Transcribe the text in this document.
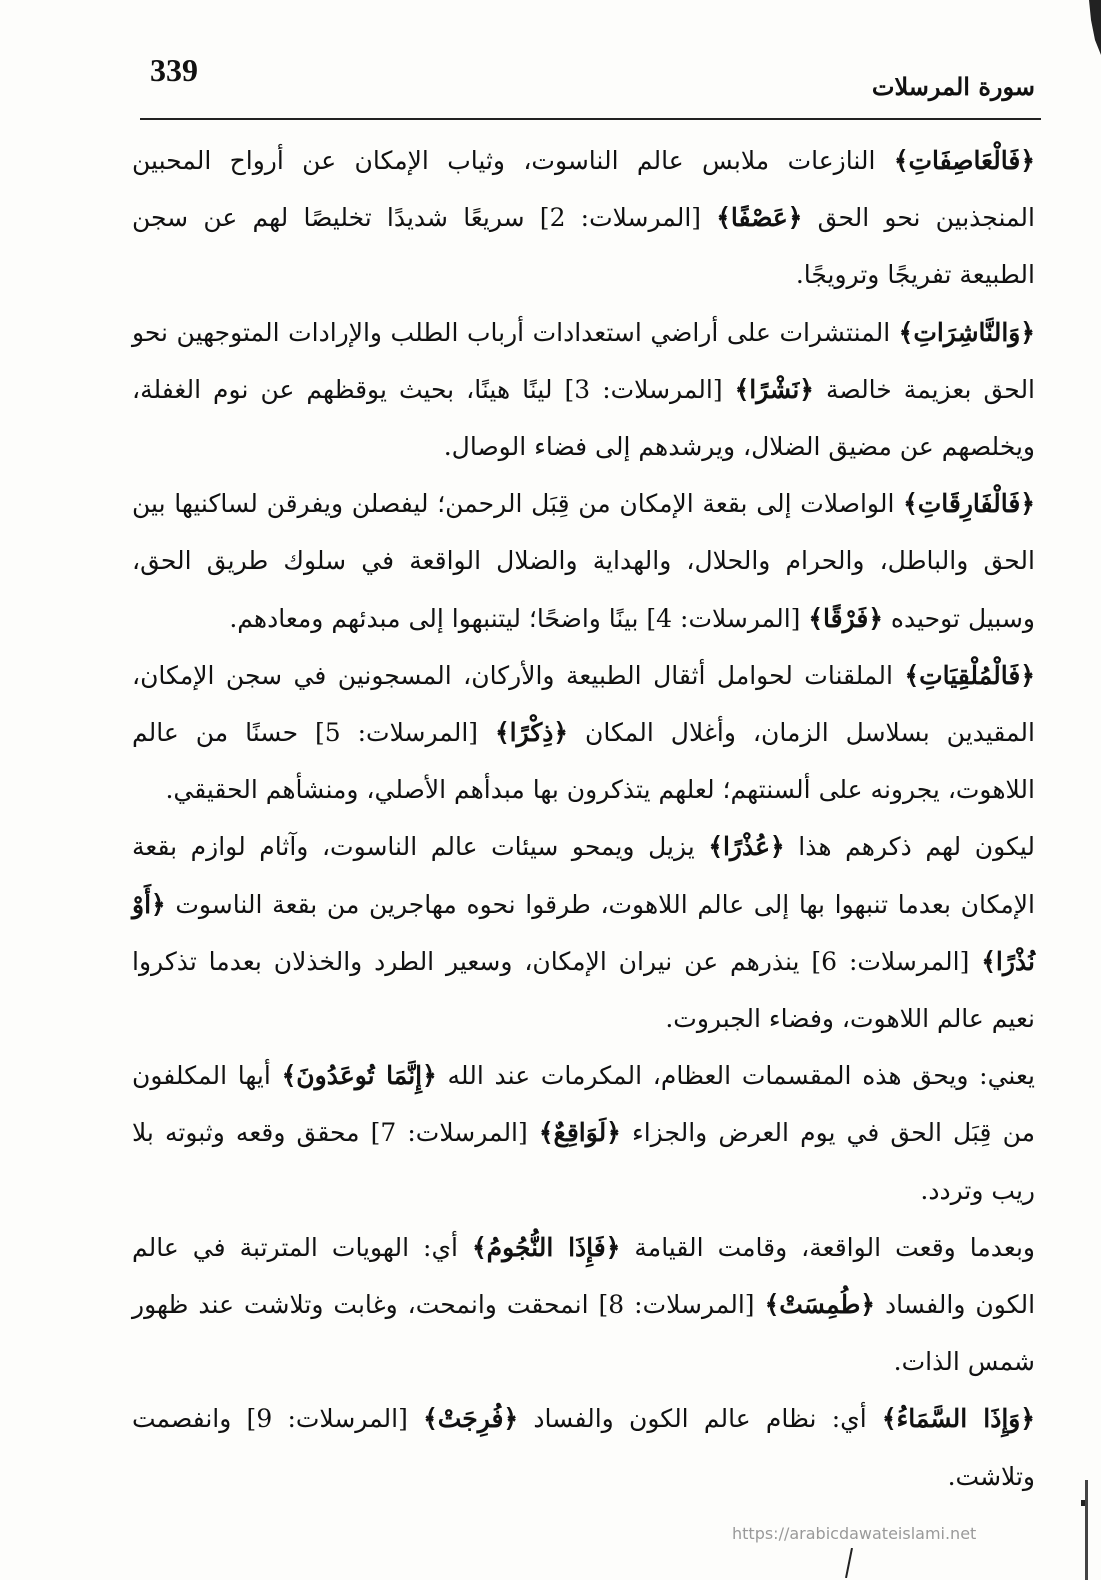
339	سورة المرسلات

﴿فَالْعَاصِفَاتِ﴾ النازعات ملابس عالم الناسوت، وثياب الإمكان عن أرواح المحبين المنجذبين نحو الحق ﴿عَصْفًا﴾ [المرسلات: 2] سريعًا شديدًا تخليصًا لهم عن سجن الطبيعة تفريجًا وترويجًا.

﴿وَالنَّاشِرَاتِ﴾ المنتشرات على أراضي استعدادات أرباب الطلب والإرادات المتوجهين نحو الحق بعزيمة خالصة ﴿نَشْرًا﴾ [المرسلات: 3] لينًا هينًا، بحيث يوقظهم عن نوم الغفلة، ويخلصهم عن مضيق الضلال، ويرشدهم إلى فضاء الوصال.

﴿فَالْفَارِقَاتِ﴾ الواصلات إلى بقعة الإمكان من قِبَل الرحمن؛ ليفصلن ويفرقن لساكنيها بين الحق والباطل، والحرام والحلال، والهداية والضلال الواقعة في سلوك طريق الحق، وسبيل توحيده ﴿فَرْقًا﴾ [المرسلات: 4] بينًا واضحًا؛ ليتنبهوا إلى مبدئهم ومعادهم.

﴿فَالْمُلْقِيَاتِ﴾ الملقنات لحوامل أثقال الطبيعة والأركان، المسجونين في سجن الإمكان، المقيدين بسلاسل الزمان، وأغلال المكان ﴿ذِكْرًا﴾ [المرسلات: 5] حسنًا من عالم اللاهوت، يجرونه على ألسنتهم؛ لعلهم يتذكرون بها مبدأهم الأصلي، ومنشأهم الحقيقي.

ليكون لهم ذكرهم هذا ﴿عُذْرًا﴾ يزيل ويمحو سيئات عالم الناسوت، وآثام لوازم بقعة الإمكان بعدما تنبهوا بها إلى عالم اللاهوت، طرقوا نحوه مهاجرين من بقعة الناسوت ﴿أَوْ نُذْرًا﴾ [المرسلات: 6] ينذرهم عن نيران الإمكان، وسعير الطرد والخذلان بعدما تذكروا نعيم عالم اللاهوت، وفضاء الجبروت.

يعني: ويحق هذه المقسمات العظام، المكرمات عند الله ﴿إِنَّمَا تُوعَدُونَ﴾ أيها المكلفون من قِبَل الحق في يوم العرض والجزاء ﴿لَوَاقِعٌ﴾ [المرسلات: 7] محقق وقعه وثبوته بلا ريب وتردد.

وبعدما وقعت الواقعة، وقامت القيامة ﴿فَإِذَا النُّجُومُ﴾ أي: الهويات المترتبة في عالم الكون والفساد ﴿طُمِسَتْ﴾ [المرسلات: 8] انمحقت وانمحت، وغابت وتلاشت عند ظهور شمس الذات.

﴿وَإِذَا السَّمَاءُ﴾ أي: نظام عالم الكون والفساد ﴿فُرِجَتْ﴾ [المرسلات: 9] وانفصمت وتلاشت.

https://arabicdawateislami.net
